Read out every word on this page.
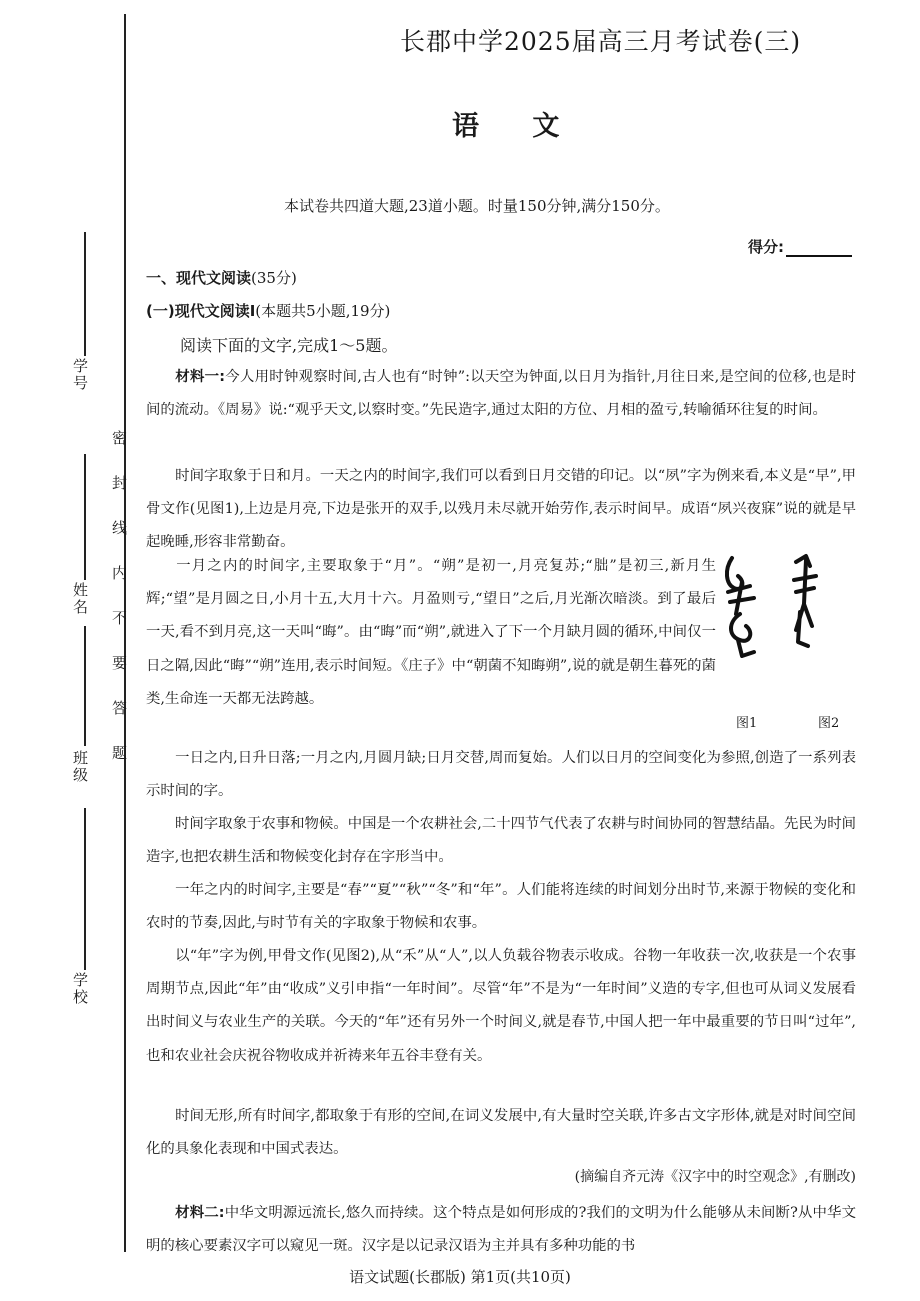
学号
姓名
班级
学校
密封线内不要答题
长郡中学2025届高三月考试卷(三)
语 文
本试卷共四道大题,23道小题。时量150分钟,满分150分。
得分:
一、现代文阅读(35分)
(一)现代文阅读Ⅰ(本题共5小题,19分)
阅读下面的文字,完成1～5题。

材料一:今人用时钟观察时间,古人也有“时钟”:以天空为钟面,以日月为指针,月往日来,是空间的位移,也是时间的流动。《周易》说:“观乎天文,以察时变。”先民造字,通过太阳的方位、月相的盈亏,转喻循环往复的时间。

时间字取象于日和月。一天之内的时间字,我们可以看到日月交错的印记。以“夙”字为例来看,本义是“早”,甲骨文作(见图1),上边是月亮,下边是张开的双手,以残月未尽就开始劳作,表示时间早。成语“夙兴夜寐”说的就是早起晚睡,形容非常勤奋。

一月之内的时间字,主要取象于“月”。“朔”是初一,月亮复苏;“朏”是初三,新月生辉;“望”是月圆之日,小月十五,大月十六。月盈则亏,“望日”之后,月光渐次暗淡。到了最后一天,看不到月亮,这一天叫“晦”。由“晦”而“朔”,就进入了下一个月缺月圆的循环,中间仅一日之隔,因此“晦”“朔”连用,表示时间短。《庄子》中“朝菌不知晦朔”,说的就是朝生暮死的菌类,生命连一天都无法跨越。

图1	图2

一日之内,日升日落;一月之内,月圆月缺;日月交替,周而复始。人们以日月的空间变化为参照,创造了一系列表示时间的字。

时间字取象于农事和物候。中国是一个农耕社会,二十四节气代表了农耕与时间协同的智慧结晶。先民为时间造字,也把农耕生活和物候变化封存在字形当中。

一年之内的时间字,主要是“春”“夏”“秋”“冬”和“年”。人们能将连续的时间划分出时节,来源于物候的变化和农时的节奏,因此,与时节有关的字取象于物候和农事。

以“年”字为例,甲骨文作(见图2),从“禾”从“人”,以人负载谷物表示收成。谷物一年收获一次,收获是一个农事周期节点,因此“年”由“收成”义引申指“一年时间”。尽管“年”不是为“一年时间”义造的专字,但也可从词义发展看出时间义与农业生产的关联。今天的“年”还有另外一个时间义,就是春节,中国人把一年中最重要的节日叫“过年”,也和农业社会庆祝谷物收成并祈祷来年五谷丰登有关。

时间无形,所有时间字,都取象于有形的空间,在词义发展中,有大量时空关联,许多古文字形体,就是对时间空间化的具象化表现和中国式表达。

(摘编自齐元涛《汉字中的时空观念》,有删改)

材料二:中华文明源远流长,悠久而持续。这个特点是如何形成的?我们的文明为什么能够从未间断?从中华文明的核心要素汉字可以窥见一斑。汉字是以记录汉语为主并具有多种功能的书

语文试题(长郡版) 第1页(共10页)
